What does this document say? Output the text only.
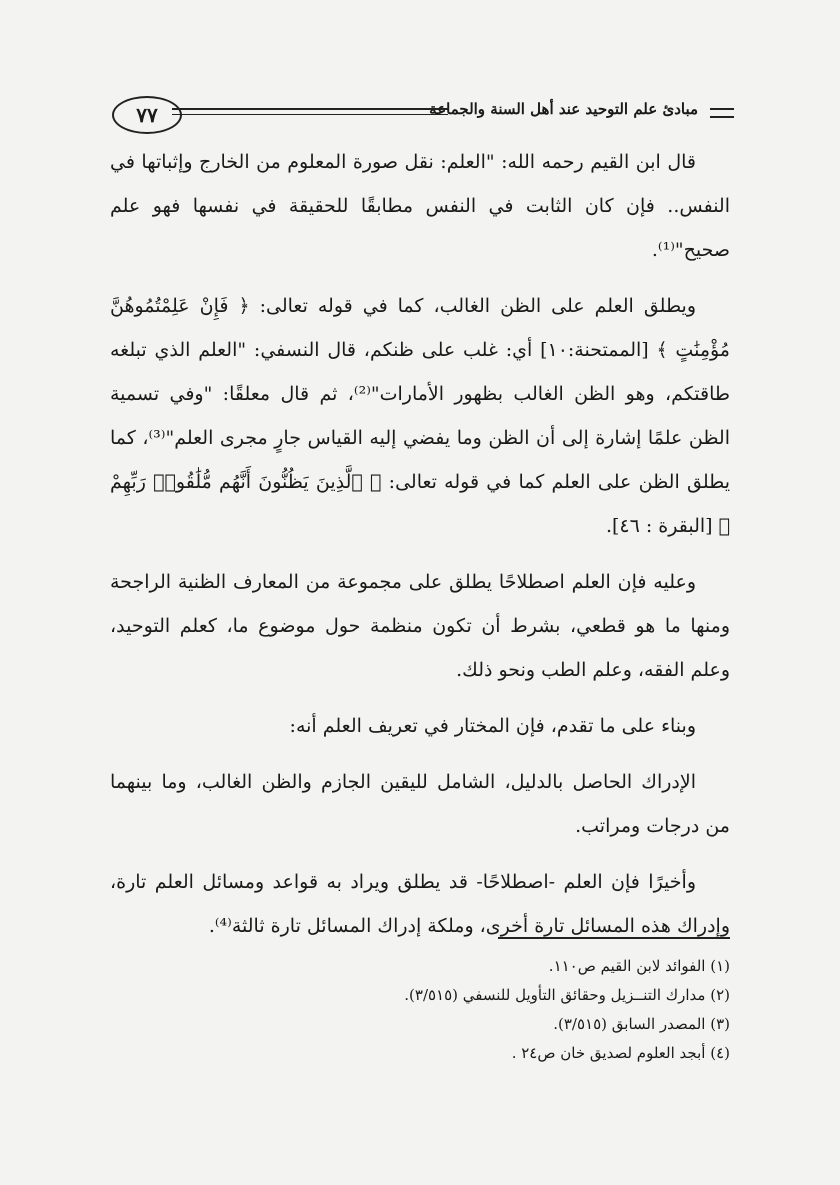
مبادئ علم التوحيد عند أهل السنة والجماعة
٧٧

قال ابن القيم رحمه الله: "العلم: نقل صورة المعلوم من الخارج وإثباتها في النفس.. فإن كان الثابت في النفس مطابقًا للحقيقة في نفسها فهو علم صحيح"⁽¹⁾.

ويطلق العلم على الظن الغالب، كما في قوله تعالى: ﴿ فَإِنْ عَلِمْتُمُوهُنَّ مُؤْمِنَٰتٍ ﴾ [الممتحنة:١٠] أي: غلب على ظنكم، قال النسفي: "العلم الذي تبلغه طاقتكم، وهو الظن الغالب بظهور الأمارات"⁽²⁾، ثم قال معلقًا: "وفي تسمية الظن علمًا إشارة إلى أن الظن وما يفضي إليه القياس جارٍ مجرى العلم"⁽³⁾، كما يطلق الظن على العلم كما في قوله تعالى: ﴿ ٱلَّذِينَ يَظُنُّونَ أَنَّهُم مُّلَٰقُوا۟ رَبِّهِمْ ﴾ [البقرة : ٤٦].

وعليه فإن العلم اصطلاحًا يطلق على مجموعة من المعارف الظنية الراجحة ومنها ما هو قطعي، بشرط أن تكون منظمة حول موضوع ما، كعلم التوحيد، وعلم الفقه، وعلم الطب ونحو ذلك.

وبناء على ما تقدم، فإن المختار في تعريف العلم أنه:

الإدراك الحاصل بالدليل، الشامل لليقين الجازم والظن الغالب، وما بينهما من درجات ومراتب.

وأخيرًا فإن العلم -اصطلاحًا- قد يطلق ويراد به قواعد ومسائل العلم تارة، وإدراك هذه المسائل تارة أخرى، وملكة إدراك المسائل تارة ثالثة⁽⁴⁾.

(١) الفوائد لابن القيم ص١١٠.

(٢) مدارك التنــزيل وحقائق التأويل للنسفي (٣/٥١٥).

(٣) المصدر السابق (٣/٥١٥).

(٤) أبجد العلوم لصديق خان ص٢٤ .
